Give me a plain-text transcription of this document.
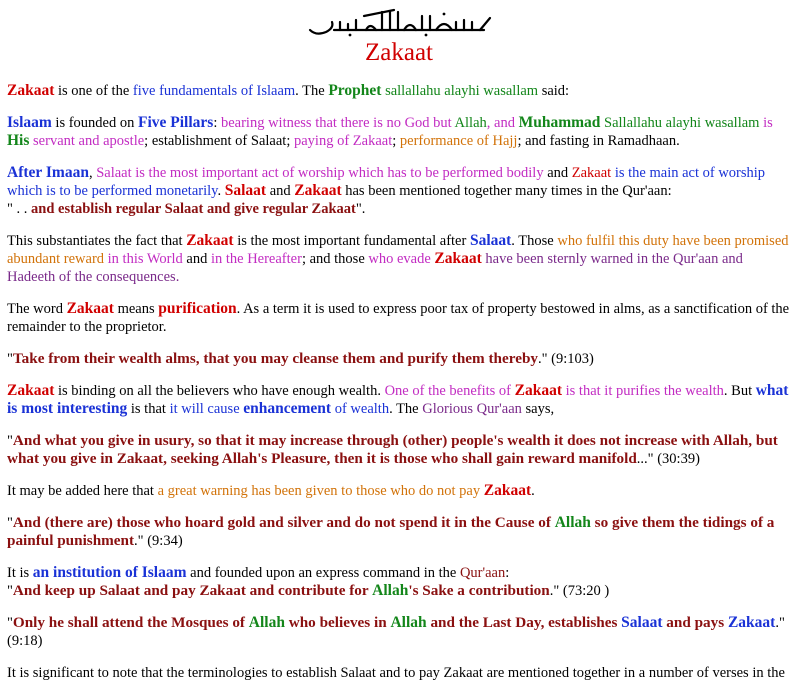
Zakaat

Zakaat is one of the five fundamentals of Islaam. The Prophet sallallahu alayhi wasallam said:

Islaam is founded on Five Pillars: bearing witness that there is no God but Allah, and Muhammad Sallallahu alayhi wasallam is His servant and apostle; establishment of Salaat; paying of Zakaat; performance of Hajj; and fasting in Ramadhaan.

After Imaan, Salaat is the most important act of worship which has to be performed bodily and Zakaat is the main act of worship which is to be performed monetarily. Salaat and Zakaat has been mentioned together many times in the Qur'aan:
" . . and establish regular Salaat and give regular Zakaat".

This substantiates the fact that Zakaat is the most important fundamental after Salaat. Those who fulfil this duty have been promised abundant reward in this World and in the Hereafter; and those who evade Zakaat have been sternly warned in the Qur'aan and Hadeeth of the consequences.

The word Zakaat means purification. As a term it is used to express poor tax of property bestowed in alms, as a sanctification of the remainder to the proprietor.

"Take from their wealth alms, that you may cleanse them and purify them thereby." (9:103)

Zakaat is binding on all the believers who have enough wealth. One of the benefits of Zakaat is that it purifies the wealth. But what is most interesting is that it will cause enhancement of wealth. The Glorious Qur'aan says,

"And what you give in usury, so that it may increase through (other) people's wealth it does not increase with Allah, but what you give in Zakaat, seeking Allah's Pleasure, then it is those who shall gain reward manifold..." (30:39)

It may be added here that a great warning has been given to those who do not pay Zakaat.

"And (there are) those who hoard gold and silver and do not spend it in the Cause of Allah so give them the tidings of a painful punishment." (9:34)

It is an institution of Islaam and founded upon an express command in the Qur'aan:
"And keep up Salaat and pay Zakaat and contribute for Allah's Sake a contribution." (73:20 )

"Only he shall attend the Mosques of Allah who believes in Allah and the Last Day, establishes Salaat and pays Zakaat." (9:18)

It is significant to note that the terminologies to establish Salaat and to pay Zakaat are mentioned together in a number of verses in the
